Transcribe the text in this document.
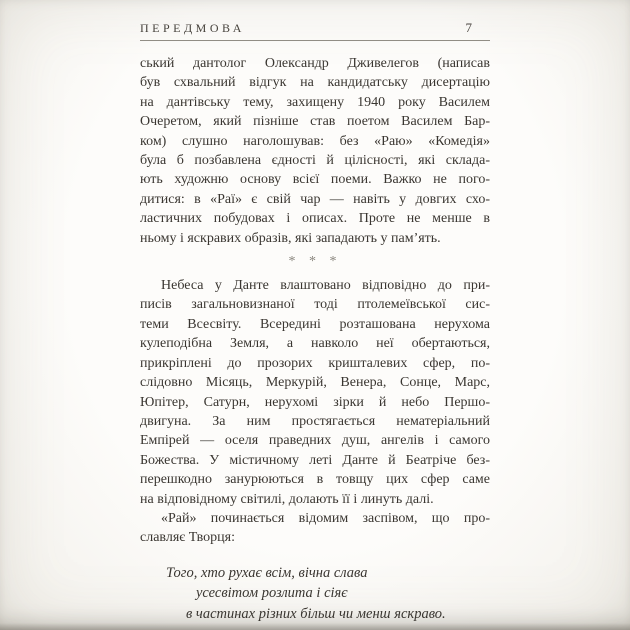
ПЕРЕДМОВА	7
ський дантолог Олександр Дживелегов (написав
був схвальний відгук на кандидатську дисертацію
на дантівську тему, захищену 1940 року Василем
Очеретом, який пізніше став поетом Василем Бар-
ком) слушно наголошував: без «Раю» «Комедія»
була б позбавлена єдності й цілісності, які склада-
ють художню основу всієї поеми. Важко не пого-
дитися: в «Раї» є свій чар — навіть у довгих схо-
ластичних побудовах і описах. Проте не менше в
ньому і яскравих образів, які западають у пам’ять.
* * *
Небеса у Данте влаштовано відповідно до при-
писів загальновизнаної тоді птолемеївської сис-
теми Всесвіту. Всередині розташована нерухома
кулеподібна Земля, а навколо неї обертаються,
прикріплені до прозорих кришталевих сфер, по-
слідовно Місяць, Меркурій, Венера, Сонце, Марс,
Юпітер, Сатурн, нерухомі зірки й небо Першо-
двигуна. За ним простягається нематеріальний
Емпірей — оселя праведних душ, ангелів і самого
Божества. У містичному леті Данте й Беатріче без-
перешкодно занурюються в товщу цих сфер саме
на відповідному світилі, долають її і линуть далі.
«Рай» починається відомим заспівом, що про-
славляє Творця:
Того, хто рухає всім, вічна слава
усесвітом розлита і сіяє
в частинах різних більш чи менш яскраво.
